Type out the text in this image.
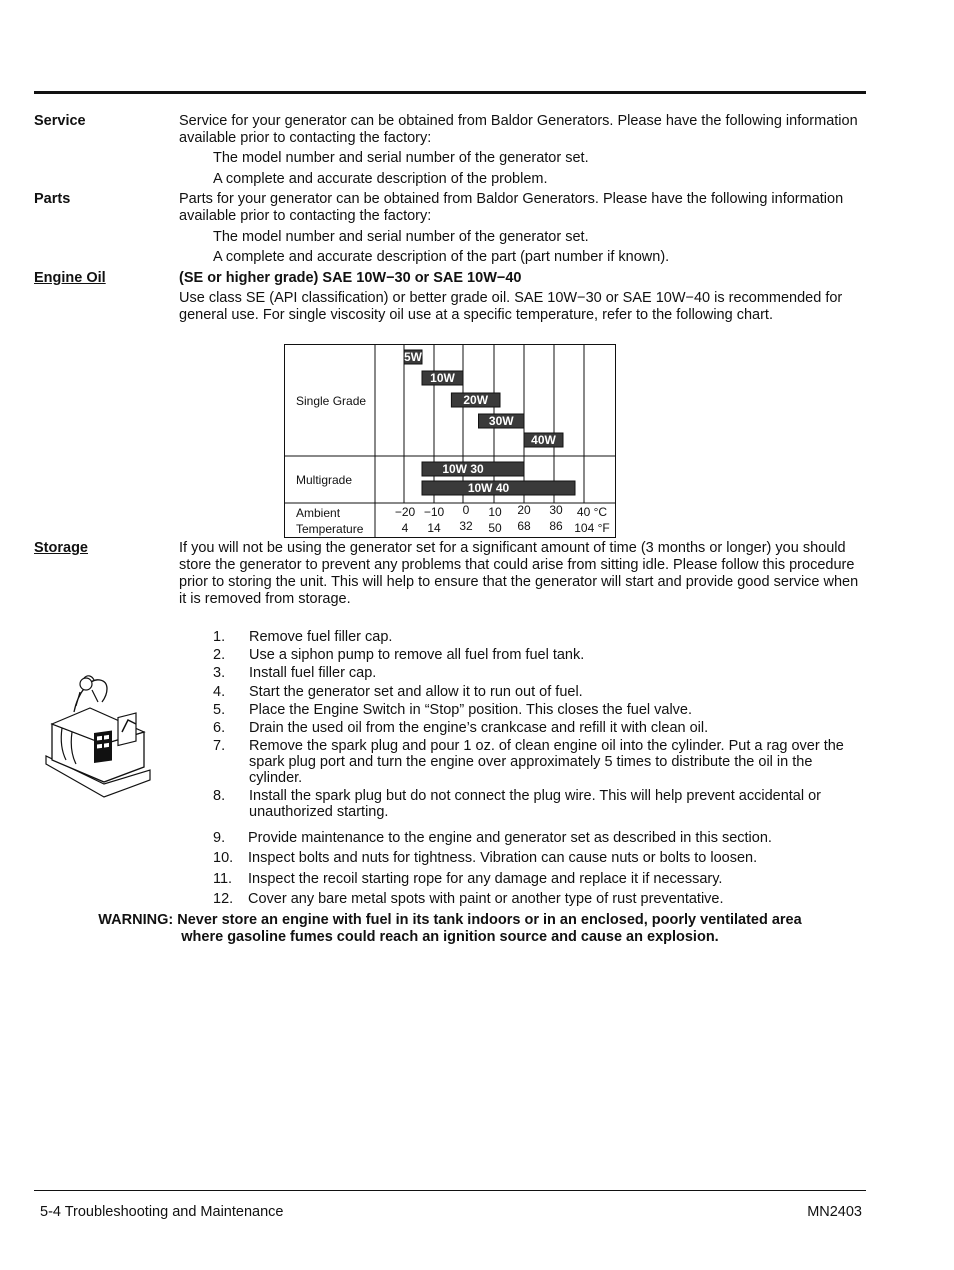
Service	Service for your generator can be obtained from Baldor Generators. Please have the following information available prior to contacting the factory:
The model number and serial number of the generator set.
A complete and accurate description of the problem.
Parts	Parts for your generator can be obtained from Baldor Generators. Please have the following information available prior to contacting the factory:
The model number and serial number of the generator set.
A complete and accurate description of the part (part number if known).
Engine Oil	(SE or higher grade) SAE 10W−30 or SAE 10W−40
Use class SE (API classification) or better grade oil. SAE 10W−30 or SAE 10W−40 is recommended for general use. For single viscosity oil use at a specific temperature, refer to the following chart.
5W
10W
20W
30W
40W
10W 30
10W 40
Single Grade
Multigrade
Ambient
Temperature
−20 −10 0 10 20 30 40 °C
4 14 32 50 68 86 104 °F
Storage	If you will not be using the generator set for a significant amount of time (3 months or longer) you should store the generator to prevent any problems that could arise from sitting idle. Please follow this procedure prior to storing the unit. This will help to ensure that the generator will start and provide good service when it is removed from storage.
1. Remove fuel filler cap.
2. Use a siphon pump to remove all fuel from fuel tank.
3. Install fuel filler cap.
4. Start the generator set and allow it to run out of fuel.
5. Place the Engine Switch in “Stop” position. This closes the fuel valve.
6. Drain the used oil from the engine’s crankcase and refill it with clean oil.
7. Remove the spark plug and pour 1 oz. of clean engine oil into the cylinder. Put a rag over the spark plug port and turn the engine over approximately 5 times to distribute the oil in the cylinder.
8. Install the spark plug but do not connect the plug wire. This will help prevent accidental or unauthorized starting.
9. Provide maintenance to the engine and generator set as described in this section.
10. Inspect bolts and nuts for tightness. Vibration can cause nuts or bolts to loosen.
11. Inspect the recoil starting rope for any damage and replace it if necessary.
12. Cover any bare metal spots with paint or another type of rust preventative.
WARNING: Never store an engine with fuel in its tank indoors or in an enclosed, poorly ventilated area
where gasoline fumes could reach an ignition source and cause an explosion.
5-4 Troubleshooting and Maintenance	MN2403
